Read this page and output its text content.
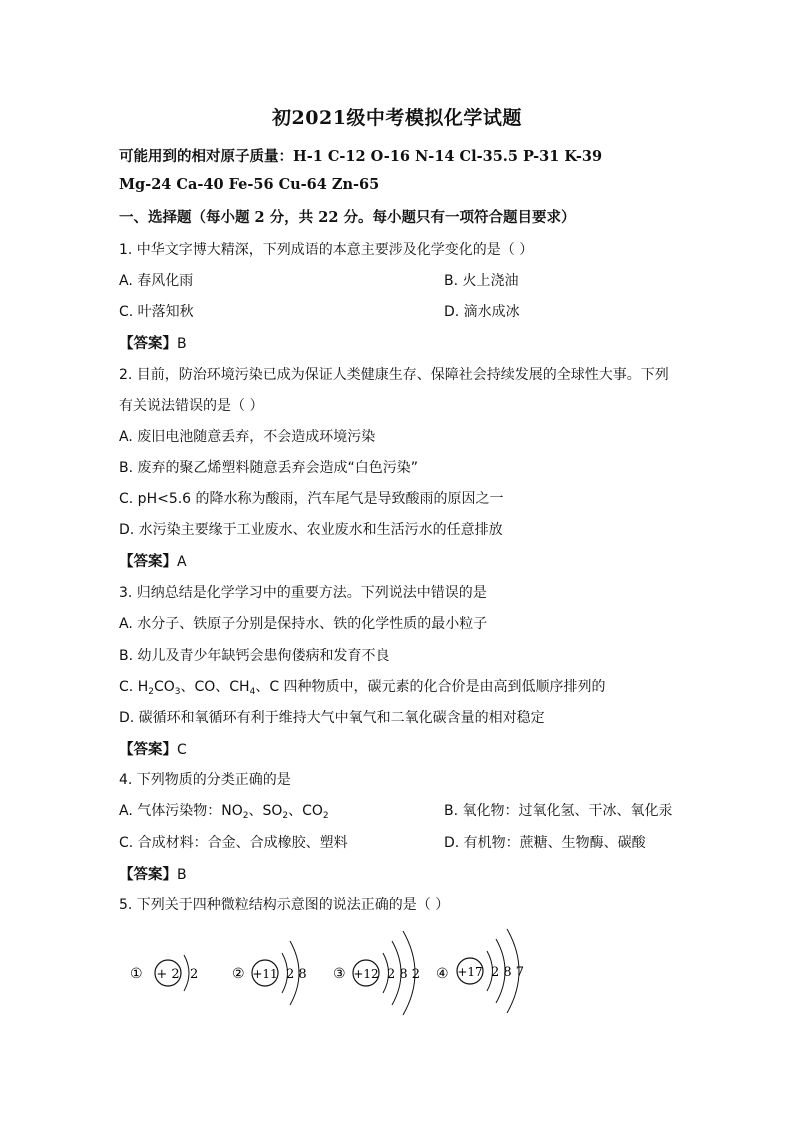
初2021级中考模拟化学试题
可能用到的相对原子质量：H-1 C-12 O-16 N-14 Cl-35.5 P-31 K-39
Mg-24 Ca-40 Fe-56 Cu-64 Zn-65
一、选择题（每小题 2 分，共 22 分。每小题只有一项符合题目要求）
1. 中华文字博大精深，下列成语的本意主要涉及化学变化的是（ ）
A. 春风化雨	B. 火上浇油
C. 叶落知秋	D. 滴水成冰
【答案】B
2. 目前，防治环境污染已成为保证人类健康生存、保障社会持续发展的全球性大事。下列
有关说法错误的是（ ）
A. 废旧电池随意丢弃，不会造成环境污染
B. 废弃的聚乙烯塑料随意丢弃会造成“白色污染”
C. pH<5.6 的降水称为酸雨，汽车尾气是导致酸雨的原因之一
D. 水污染主要缘于工业废水、农业废水和生活污水的任意排放
【答案】A
3. 归纳总结是化学学习中的重要方法。下列说法中错误的是
A. 水分子、铁原子分别是保持水、铁的化学性质的最小粒子
B. 幼儿及青少年缺钙会患佝偻病和发育不良
C. $H_2CO_3$、CO、$CH_4$、C 四种物质中，碳元素的化合价是由高到低顺序排列的
D. 碳循环和氧循环有利于维持大气中氧气和二氧化碳含量的相对稳定
【答案】C
4. 下列物质的分类正确的是
A. 气体污染物：$NO_2$、$SO_2$、$CO_2$	B. 氧化物：过氧化氢、干冰、氧化汞
C. 合成材料：合金、合成橡胶、塑料	D. 有机物：蔗糖、生物酶、碳酸
【答案】B
5. 下列关于四种微粒结构示意图的说法正确的是（ ）
① + 2 2 ② +11 2 8 ③ +12 2 8 2 ④ +17 2 8 7
